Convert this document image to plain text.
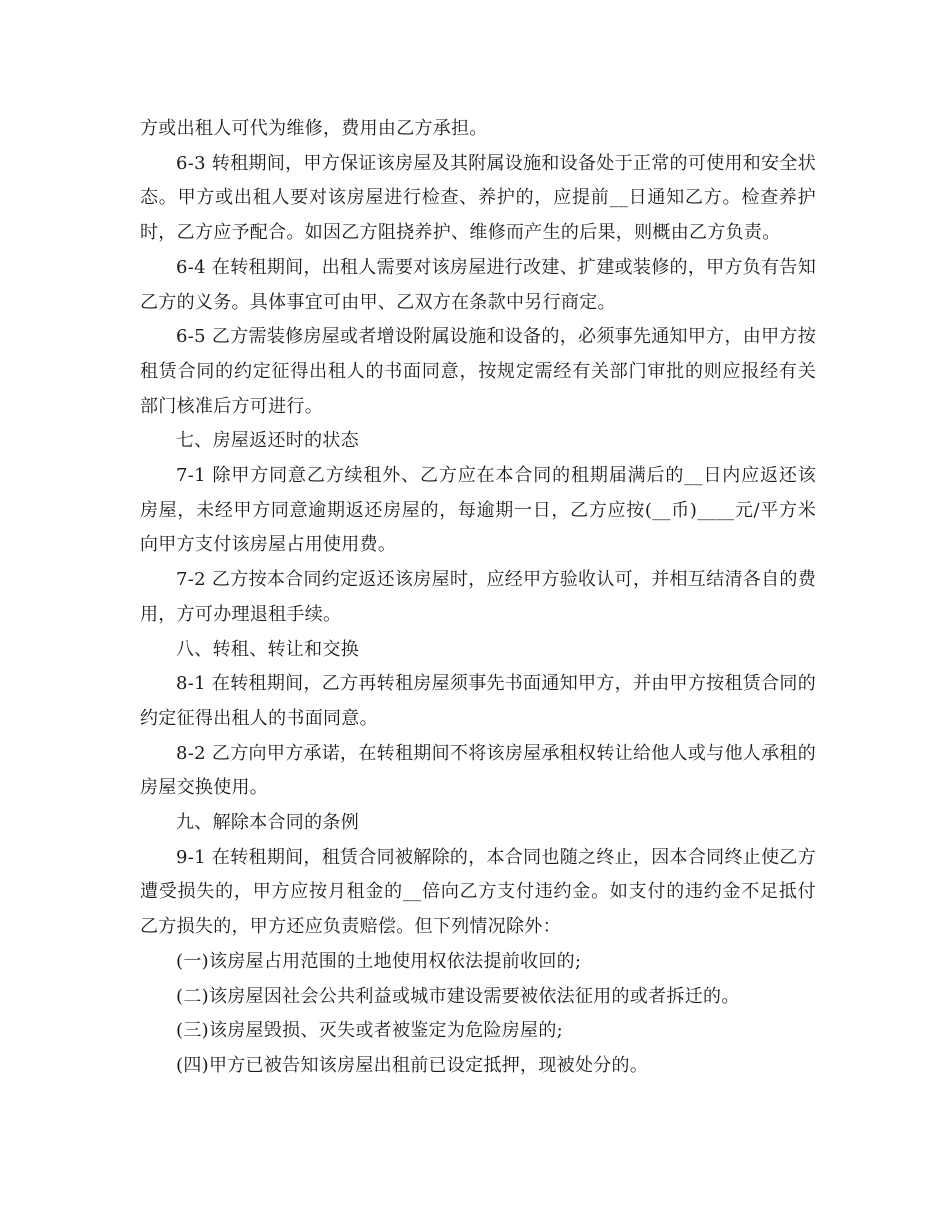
方或出租人可代为维修，费用由乙方承担。

6-3 转租期间，甲方保证该房屋及其附属设施和设备处于正常的可使用和安全状态。甲方或出租人要对该房屋进行检查、养护的，应提前__日通知乙方。检查养护时，乙方应予配合。如因乙方阻挠养护、维修而产生的后果，则概由乙方负责。

6-4 在转租期间，出租人需要对该房屋进行改建、扩建或装修的，甲方负有告知乙方的义务。具体事宜可由甲、乙双方在条款中另行商定。

6-5 乙方需装修房屋或者增设附属设施和设备的，必须事先通知甲方，由甲方按租赁合同的约定征得出租人的书面同意，按规定需经有关部门审批的则应报经有关部门核准后方可进行。

七、房屋返还时的状态

7-1 除甲方同意乙方续租外、乙方应在本合同的租期届满后的__日内应返还该房屋，未经甲方同意逾期返还房屋的，每逾期一日，乙方应按(__币)____元/平方米向甲方支付该房屋占用使用费。

7-2 乙方按本合同约定返还该房屋时，应经甲方验收认可，并相互结清各自的费用，方可办理退租手续。

八、转租、转让和交换

8-1 在转租期间，乙方再转租房屋须事先书面通知甲方，并由甲方按租赁合同的约定征得出租人的书面同意。

8-2 乙方向甲方承诺，在转租期间不将该房屋承租权转让给他人或与他人承租的房屋交换使用。

九、解除本合同的条例

9-1 在转租期间，租赁合同被解除的，本合同也随之终止，因本合同终止使乙方遭受损失的，甲方应按月租金的__倍向乙方支付违约金。如支付的违约金不足抵付乙方损失的，甲方还应负责赔偿。但下列情况除外：

(一)该房屋占用范围的土地使用权依法提前收回的;

(二)该房屋因社会公共利益或城市建设需要被依法征用的或者拆迁的。

(三)该房屋毁损、灭失或者被鉴定为危险房屋的;

(四)甲方已被告知该房屋出租前已设定抵押，现被处分的。
